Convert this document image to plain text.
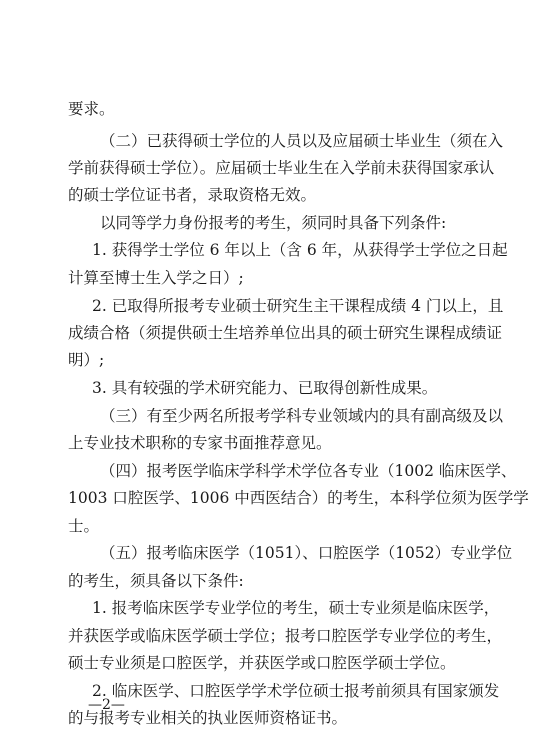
要求。
（二）已获得硕士学位的人员以及应届硕士毕业生（须在入
学前获得硕士学位）。应届硕士毕业生在入学前未获得国家承认
的硕士学位证书者，录取资格无效。
以同等学力身份报考的考生，须同时具备下列条件:
1. 获得学士学位 6 年以上（含 6 年，从获得学士学位之日起
计算至博士生入学之日）;
2. 已取得所报考专业硕士研究生主干课程成绩 4 门以上，且
成绩合格（须提供硕士生培养单位出具的硕士研究生课程成绩证
明）;
3. 具有较强的学术研究能力、已取得创新性成果。
（三）有至少两名所报考学科专业领域内的具有副高级及以
上专业技术职称的专家书面推荐意见。
（四）报考医学临床学科学术学位各专业（1002 临床医学、
1003 口腔医学、1006 中西医结合）的考生，本科学位须为医学学
士。
（五）报考临床医学（1051）、口腔医学（1052）专业学位
的考生，须具备以下条件:
1. 报考临床医学专业学位的考生，硕士专业须是临床医学，
并获医学或临床医学硕士学位；报考口腔医学专业学位的考生，
硕士专业须是口腔医学，并获医学或口腔医学硕士学位。
2. 临床医学、口腔医学学术学位硕士报考前须具有国家颁发
的与报考专业相关的执业医师资格证书。
—2—
